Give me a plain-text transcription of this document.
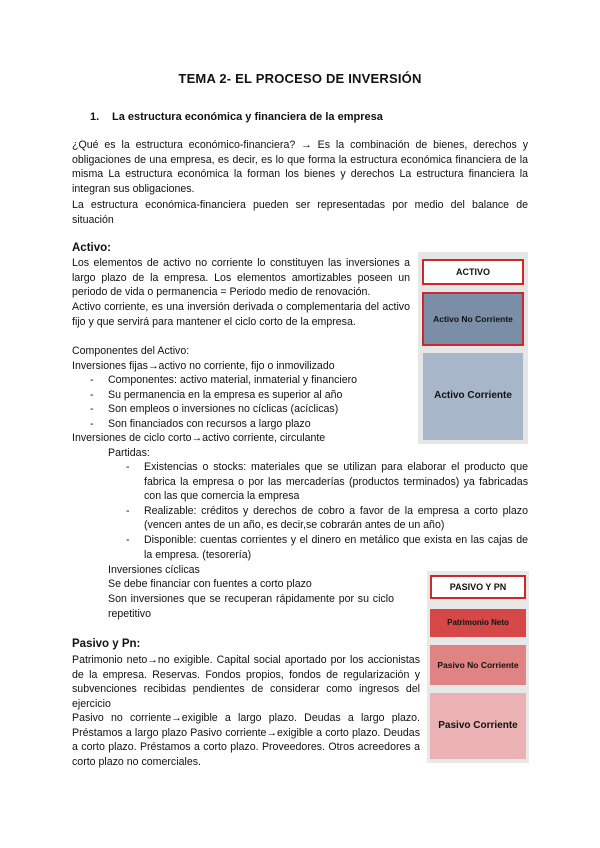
TEMA 2- EL PROCESO DE INVERSIÓN
1. La estructura económica y financiera de la empresa
¿Qué es la estructura económico-financiera? → Es la combinación de bienes, derechos y obligaciones de una empresa, es decir, es lo que forma la estructura económica financiera de la misma La estructura económica la forman los bienes y derechos La estructura financiera la integran sus obligaciones.
La estructura económica-financiera pueden ser representadas por medio del balance de situación
Activo:
Los elementos de activo no corriente lo constituyen las inversiones a largo plazo de la empresa. Los elementos amortizables poseen un periodo de vida o permanencia = Periodo medio de renovación.
Activo corriente, es una inversión derivada o complementaria del activo fijo y que servirá para mantener el ciclo corto de la empresa.
Componentes del Activo:
Inversiones fijas→activo no corriente, fijo o inmovilizado
- Componentes: activo material, inmaterial y financiero
- Su permanencia en la empresa es superior al año
- Son empleos o inversiones no cíclicas (acíclicas)
- Son financiados con recursos a largo plazo
Inversiones de ciclo corto→activo corriente, circulante
Partidas:
- Existencias o stocks: materiales que se utilizan para elaborar el producto que fabrica la empresa o por las mercaderías (productos terminados) ya fabricadas con las que comercia la empresa
- Realizable: créditos y derechos de cobro a favor de la empresa a corto plazo (vencen antes de un año, es decir,se cobrarán antes de un año)
- Disponible: cuentas corrientes y el dinero en metálico que exista en las cajas de la empresa. (tesorería)
Inversiones cíclicas
Se debe financiar con fuentes a corto plazo
Son inversiones que se recuperan rápidamente por su ciclo repetitivo
Pasivo y Pn:
Patrimonio neto→no exigible. Capital social aportado por los accionistas de la empresa. Reservas. Fondos propios, fondos de regularización y subvenciones recibidas pendientes de considerar como ingresos del ejercicio
Pasivo no corriente→exigible a largo plazo. Deudas a largo plazo. Préstamos a largo plazo Pasivo corriente→exigible a corto plazo. Deudas a corto plazo. Préstamos a corto plazo. Proveedores. Otros acreedores a corto plazo no comerciales.
ACTIVO
Activo No Corriente
Activo Corriente
PASIVO Y PN
Patrimonio Neto
Pasivo No Corriente
Pasivo Corriente
